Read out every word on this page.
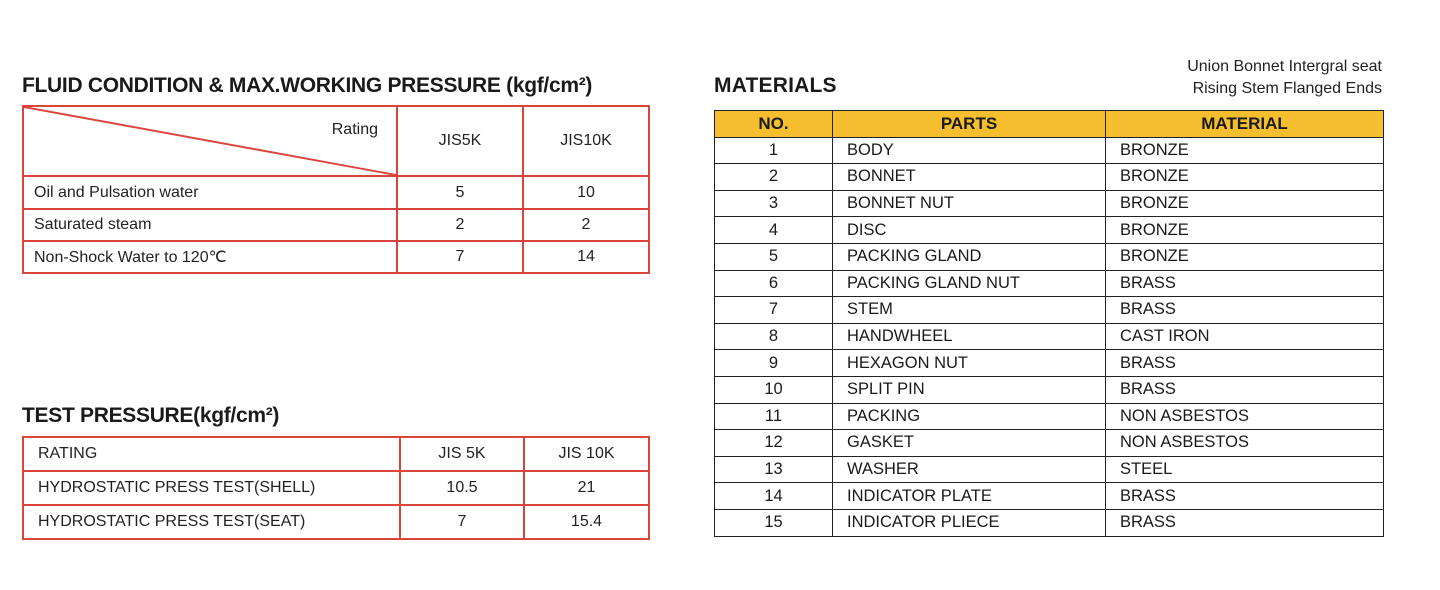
FLUID CONDITION & MAX.WORKING PRESSURE (kgf/cm²)
TEST PRESSURE(kgf/cm²)
MATERIALS
Union Bonnet Intergral seat
Rising Stem Flanged Ends
Rating	JIS5K	JIS10K
Oil and Pulsation water	5	10
Saturated steam	2	2
Non-Shock Water to 120℃	7	14
RATING	JIS 5K	JIS 10K
HYDROSTATIC PRESS TEST(SHELL)	10.5	21
HYDROSTATIC PRESS TEST(SEAT)	7	15.4
NO.	PARTS	MATERIAL
1	BODY	BRONZE
2	BONNET	BRONZE
3	BONNET NUT	BRONZE
4	DISC	BRONZE
5	PACKING GLAND	BRONZE
6	PACKING GLAND NUT	BRASS
7	STEM	BRASS
8	HANDWHEEL	CAST IRON
9	HEXAGON NUT	BRASS
10	SPLIT PIN	BRASS
11	PACKING	NON ASBESTOS
12	GASKET	NON ASBESTOS
13	WASHER	STEEL
14	INDICATOR PLATE	BRASS
15	INDICATOR PLIECE	BRASS
